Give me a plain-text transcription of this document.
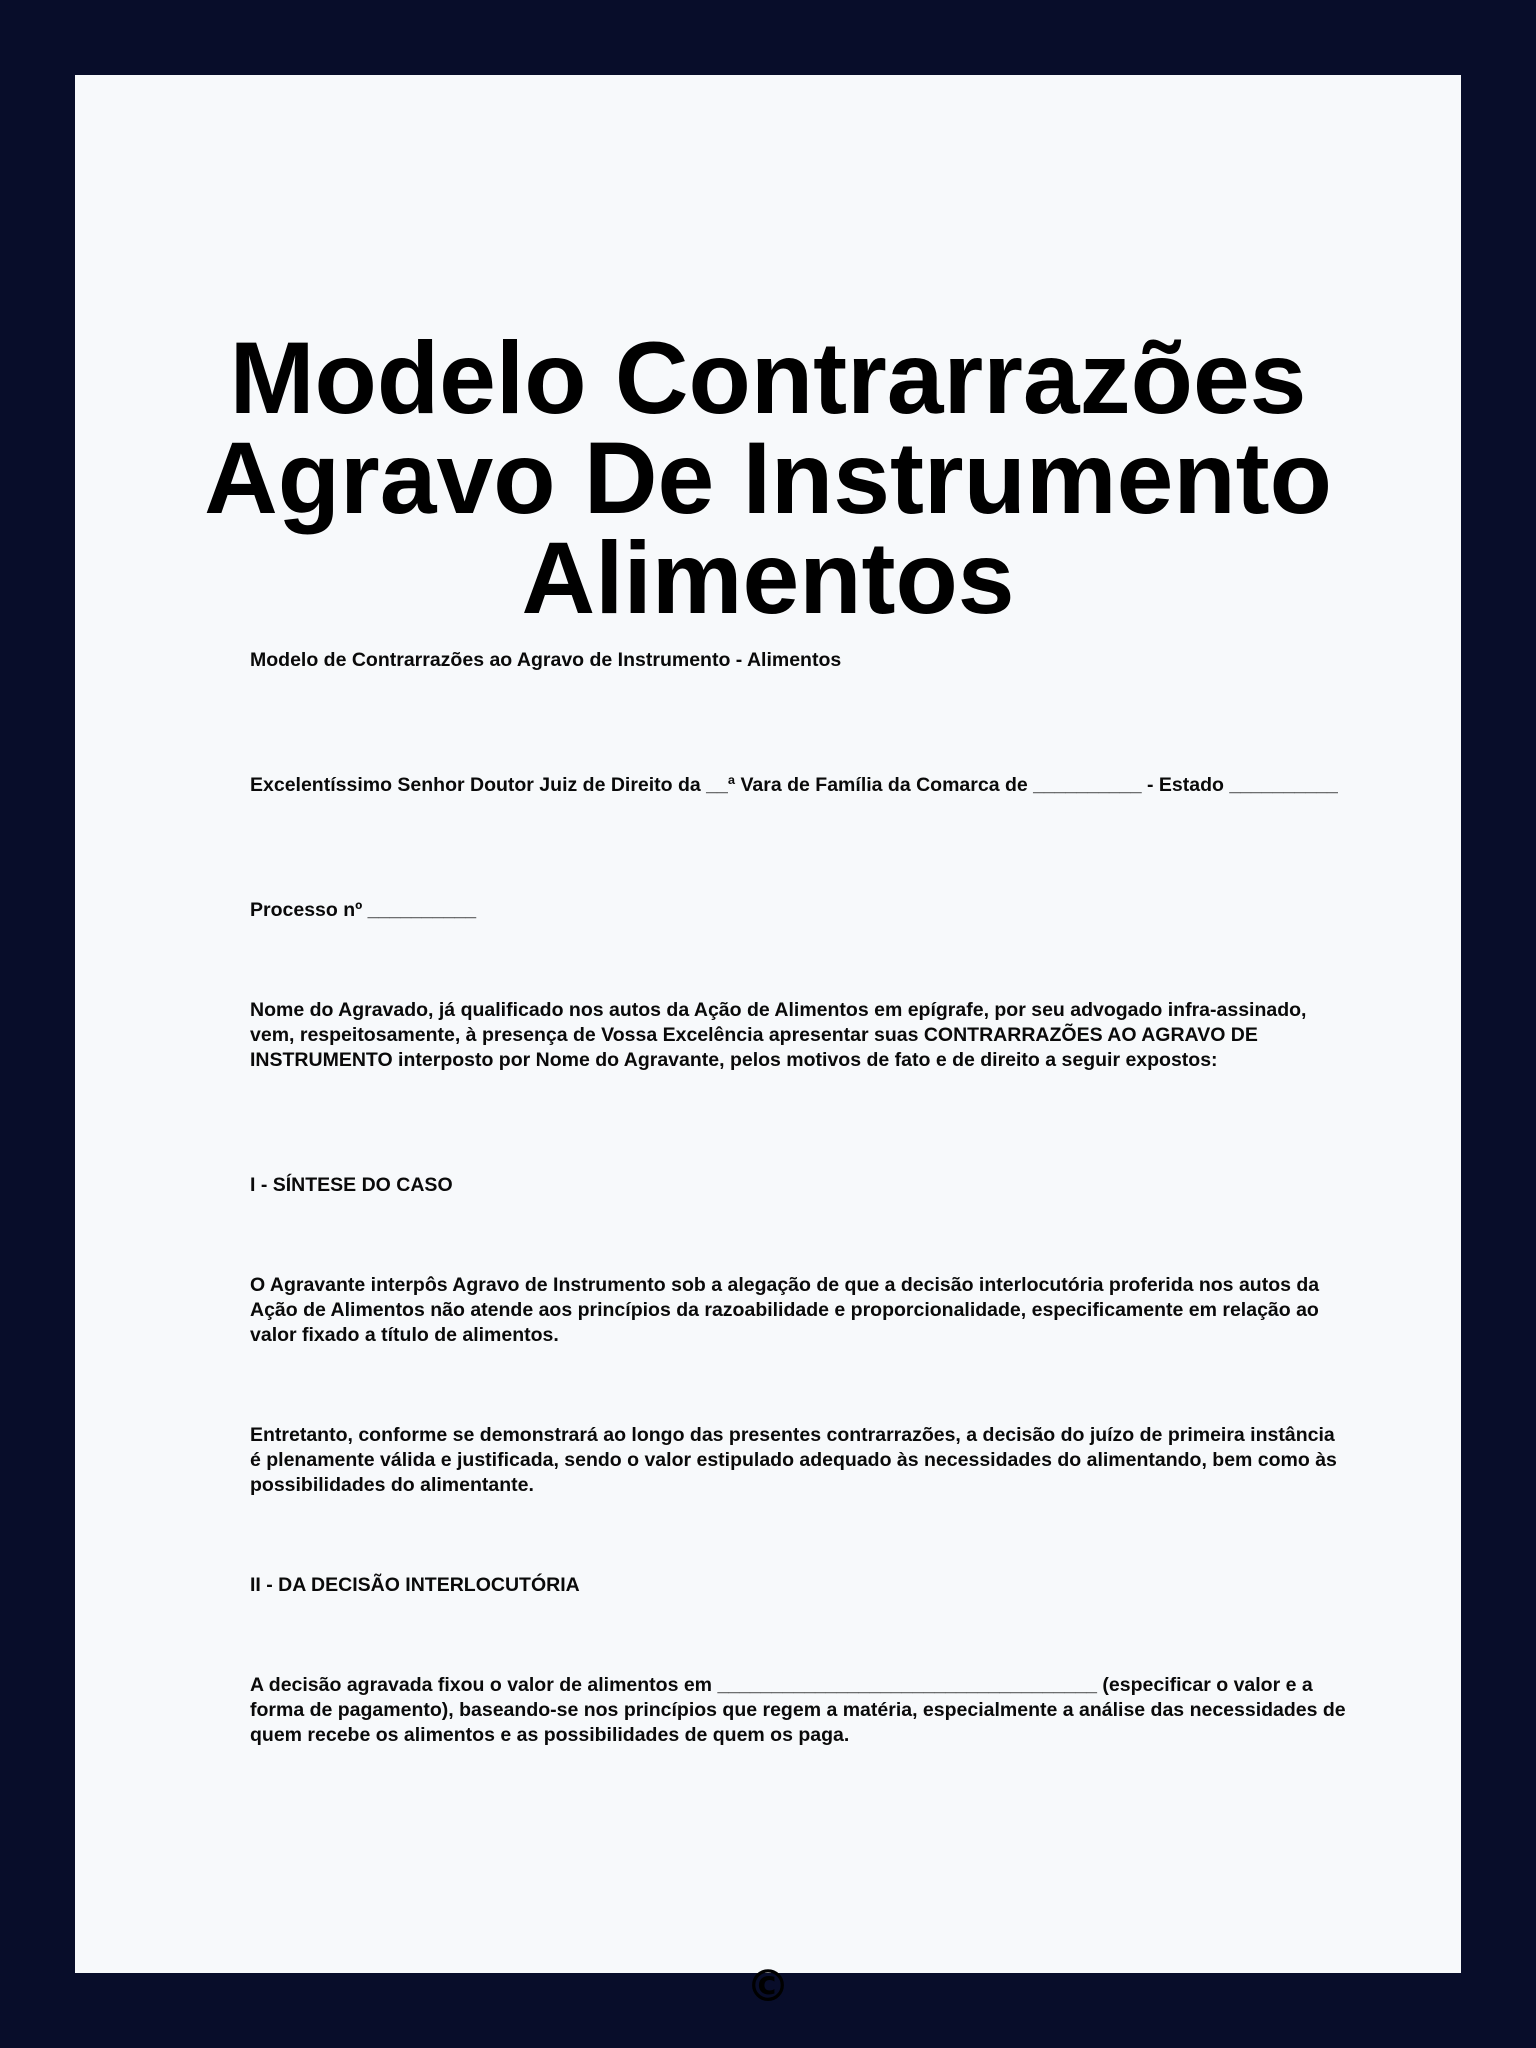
Modelo Contrarrazões
Agravo De Instrumento
Alimentos

Modelo de Contrarrazões ao Agravo de Instrumento - Alimentos

Excelentíssimo Senhor Doutor Juiz de Direito da __ª Vara de Família da Comarca de __________ - Estado __________

Processo nº __________

Nome do Agravado, já qualificado nos autos da Ação de Alimentos em epígrafe, por seu advogado infra-assinado, vem, respeitosamente, à presença de Vossa Excelência apresentar suas CONTRARRAZÕES AO AGRAVO DE INSTRUMENTO interposto por Nome do Agravante, pelos motivos de fato e de direito a seguir expostos:

I - SÍNTESE DO CASO

O Agravante interpôs Agravo de Instrumento sob a alegação de que a decisão interlocutória proferida nos autos da Ação de Alimentos não atende aos princípios da razoabilidade e proporcionalidade, especificamente em relação ao valor fixado a título de alimentos.

Entretanto, conforme se demonstrará ao longo das presentes contrarrazões, a decisão do juízo de primeira instância é plenamente válida e justificada, sendo o valor estipulado adequado às necessidades do alimentando, bem como às possibilidades do alimentante.

II - DA DECISÃO INTERLOCUTÓRIA

A decisão agravada fixou o valor de alimentos em ___________________________________ (especificar o valor e a forma de pagamento), baseando-se nos princípios que regem a matéria, especialmente a análise das necessidades de quem recebe os alimentos e as possibilidades de quem os paga.

©
